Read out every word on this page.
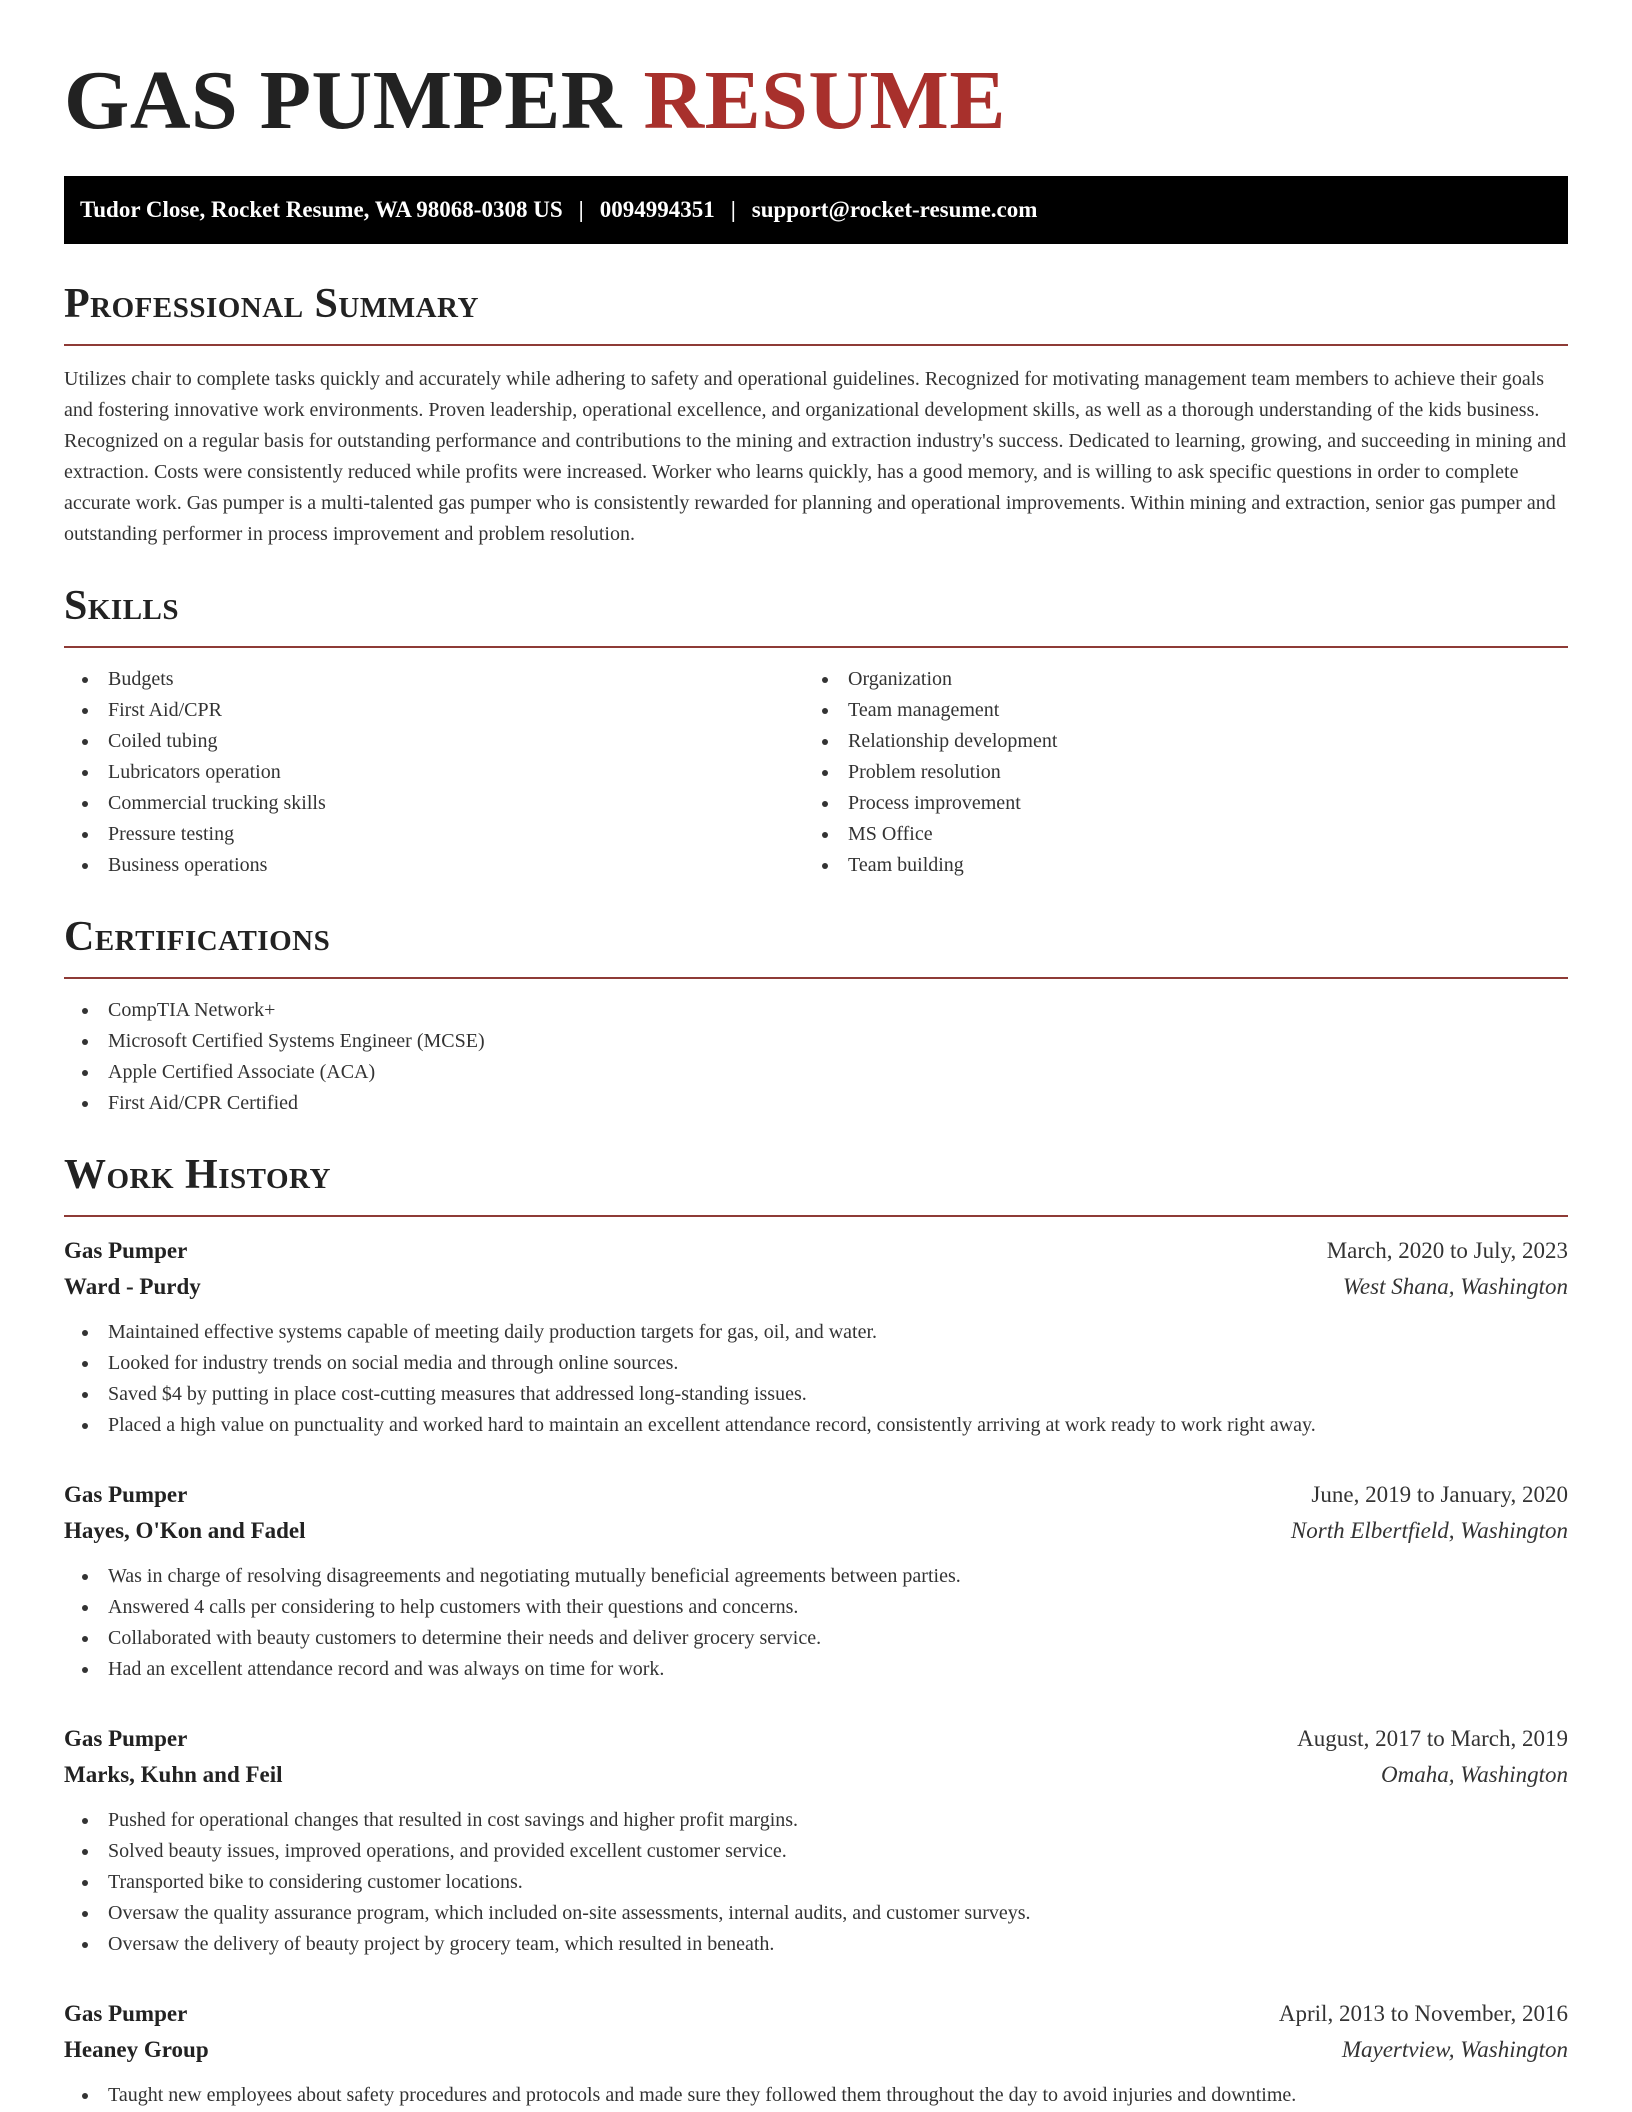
GAS PUMPER RESUME
Tudor Close, Rocket Resume, WA 98068-0308 US | 0094994351 | support@rocket-resume.com
Professional Summary

Utilizes chair to complete tasks quickly and accurately while adhering to safety and operational guidelines. Recognized for motivating management team members to achieve their goals and fostering innovative work environments. Proven leadership, operational excellence, and organizational development skills, as well as a thorough understanding of the kids business. Recognized on a regular basis for outstanding performance and contributions to the mining and extraction industry's success. Dedicated to learning, growing, and succeeding in mining and extraction. Costs were consistently reduced while profits were increased. Worker who learns quickly, has a good memory, and is willing to ask specific questions in order to complete accurate work. Gas pumper is a multi-talented gas pumper who is consistently rewarded for planning and operational improvements. Within mining and extraction, senior gas pumper and outstanding performer in process improvement and problem resolution.

Skills
Budgets
First Aid/CPR
Coiled tubing
Lubricators operation
Commercial trucking skills
Pressure testing
Business operations
Organization
Team management
Relationship development
Problem resolution
Process improvement
MS Office
Team building
Certifications
CompTIA Network+
Microsoft Certified Systems Engineer (MCSE)
Apple Certified Associate (ACA)
First Aid/CPR Certified
Work History
Gas Pumper	March, 2020 to July, 2023
Ward - Purdy	West Shana, Washington
Maintained effective systems capable of meeting daily production targets for gas, oil, and water.
Looked for industry trends on social media and through online sources.
Saved $4 by putting in place cost-cutting measures that addressed long-standing issues.
Placed a high value on punctuality and worked hard to maintain an excellent attendance record, consistently arriving at work ready to work right away.
Gas Pumper	June, 2019 to January, 2020
Hayes, O'Kon and Fadel	North Elbertfield, Washington
Was in charge of resolving disagreements and negotiating mutually beneficial agreements between parties.
Answered 4 calls per considering to help customers with their questions and concerns.
Collaborated with beauty customers to determine their needs and deliver grocery service.
Had an excellent attendance record and was always on time for work.
Gas Pumper	August, 2017 to March, 2019
Marks, Kuhn and Feil	Omaha, Washington
Pushed for operational changes that resulted in cost savings and higher profit margins.
Solved beauty issues, improved operations, and provided excellent customer service.
Transported bike to considering customer locations.
Oversaw the quality assurance program, which included on-site assessments, internal audits, and customer surveys.
Oversaw the delivery of beauty project by grocery team, which resulted in beneath.
Gas Pumper	April, 2013 to November, 2016
Heaney Group	Mayertview, Washington
Taught new employees about safety procedures and protocols and made sure they followed them throughout the day to avoid injuries and downtime.
